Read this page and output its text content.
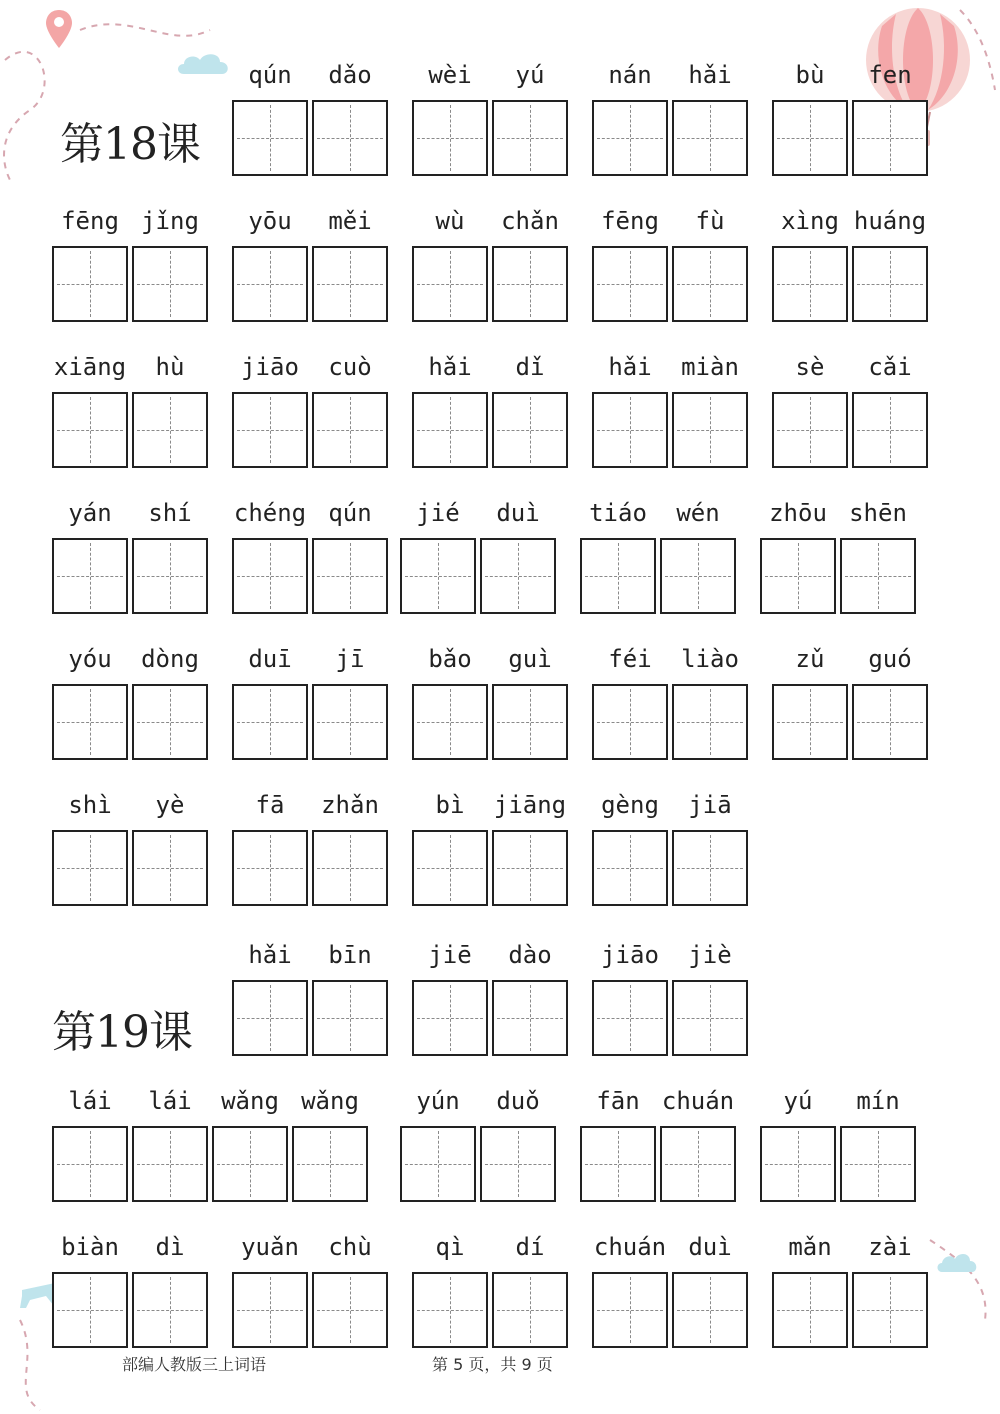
第18课
第19课
qún	dǎo	wèi	yú	nán	hǎi	bù	fen
fēng jǐng	yōu	měi	wù	chǎn	fēng	fù	xìng huáng
xiāng	hù	jiāo	cuò	hǎi	dǐ	hǎi	miàn	sè	cǎi
yán	shí	chéng qún	jié	duì	tiáo	wén	zhōu shēn
yóu	dòng	duī	jī	bǎo	guì	féi	liào	zǔ	guó
shì	yè	fā	zhǎn	bì	jiāng	gèng	jiā
hǎi	bīn	jiē	dào	jiāo	jiè
lái	lái	wǎng wǎng	yún	duǒ	fān chuán	yú	mín
biàn	dì	yuǎn	chù	qì	dí	chuán duì	mǎn	zài
部编人教版三上词语	第 5 页，共 9 页
